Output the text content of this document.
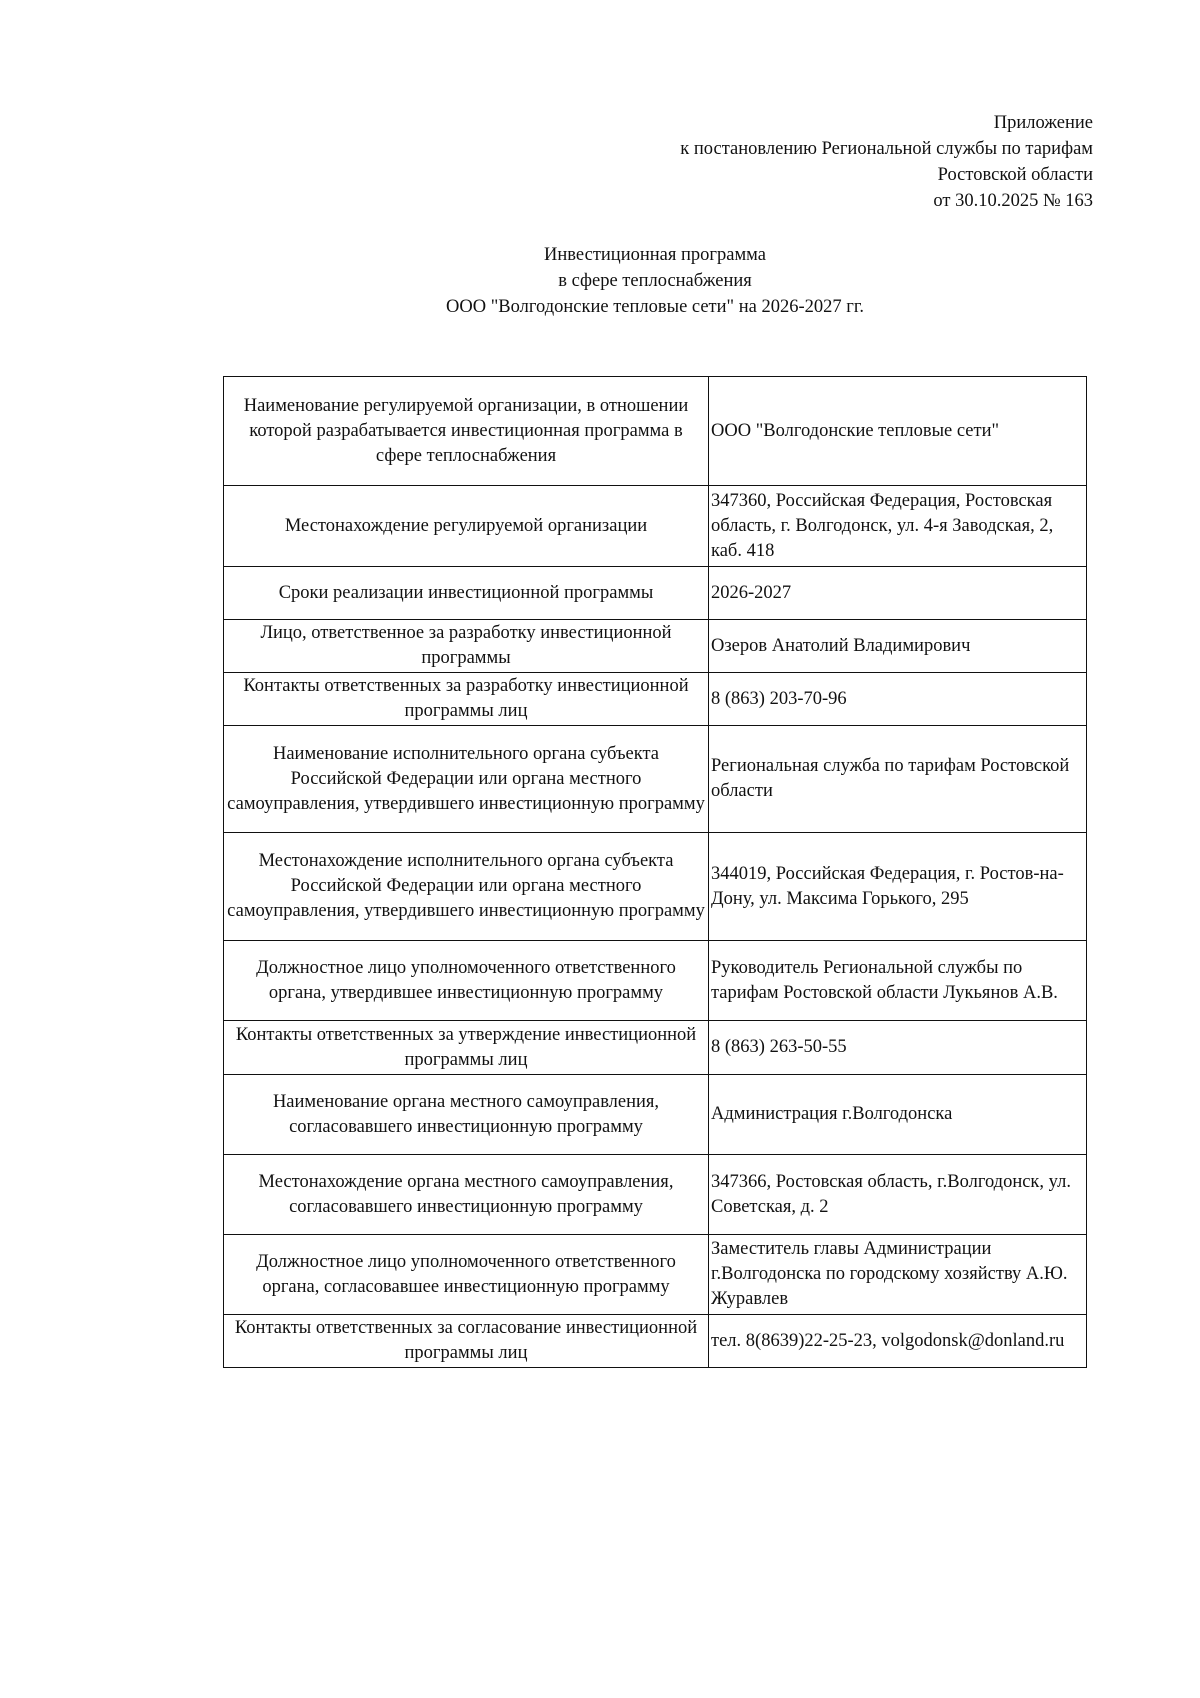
Приложение
к постановлению Региональной службы по тарифам
Ростовской области
от 30.10.2025 № 163
Инвестиционная программа
в сфере теплоснабжения
ООО "Волгодонские тепловые сети" на 2026-2027 гг.
Наименование регулируемой организации, в отношении которой разрабатывается инвестиционная программа в сфере теплоснабжения	ООО "Волгодонские тепловые сети"
Местонахождение регулируемой организации	347360, Российская Федерация, Ростовская область, г. Волгодонск, ул. 4-я Заводская, 2, каб. 418
Сроки реализации инвестиционной программы	2026-2027
Лицо, ответственное за разработку инвестиционной программы	Озеров Анатолий Владимирович
Контакты ответственных за разработку инвестиционной программы лиц	8 (863) 203-70-96
Наименование исполнительного органа субъекта Российской Федерации или органа местного самоуправления, утвердившего инвестиционную программу	Региональная служба по тарифам Ростовской области
Местонахождение исполнительного органа субъекта Российской Федерации или органа местного самоуправления, утвердившего инвестиционную программу	344019, Российская Федерация, г. Ростов-на-Дону, ул. Максима Горького, 295
Должностное лицо уполномоченного ответственного органа, утвердившее инвестиционную программу	Руководитель Региональной службы по тарифам Ростовской области Лукьянов А.В.
Контакты ответственных за утверждение инвестиционной программы лиц	8 (863) 263-50-55
Наименование органа местного самоуправления, согласовавшего инвестиционную программу	Администрация г.Волгодонска
Местонахождение органа местного самоуправления, согласовавшего инвестиционную программу	347366, Ростовская область, г.Волгодонск, ул. Советская, д. 2
Должностное лицо уполномоченного ответственного органа, согласовавшее инвестиционную программу	Заместитель главы Администрации г.Волгодонска по городскому хозяйству А.Ю. Журавлев
Контакты ответственных за согласование инвестиционной программы лиц	тел. 8(8639)22-25-23, volgodonsk@donland.ru
